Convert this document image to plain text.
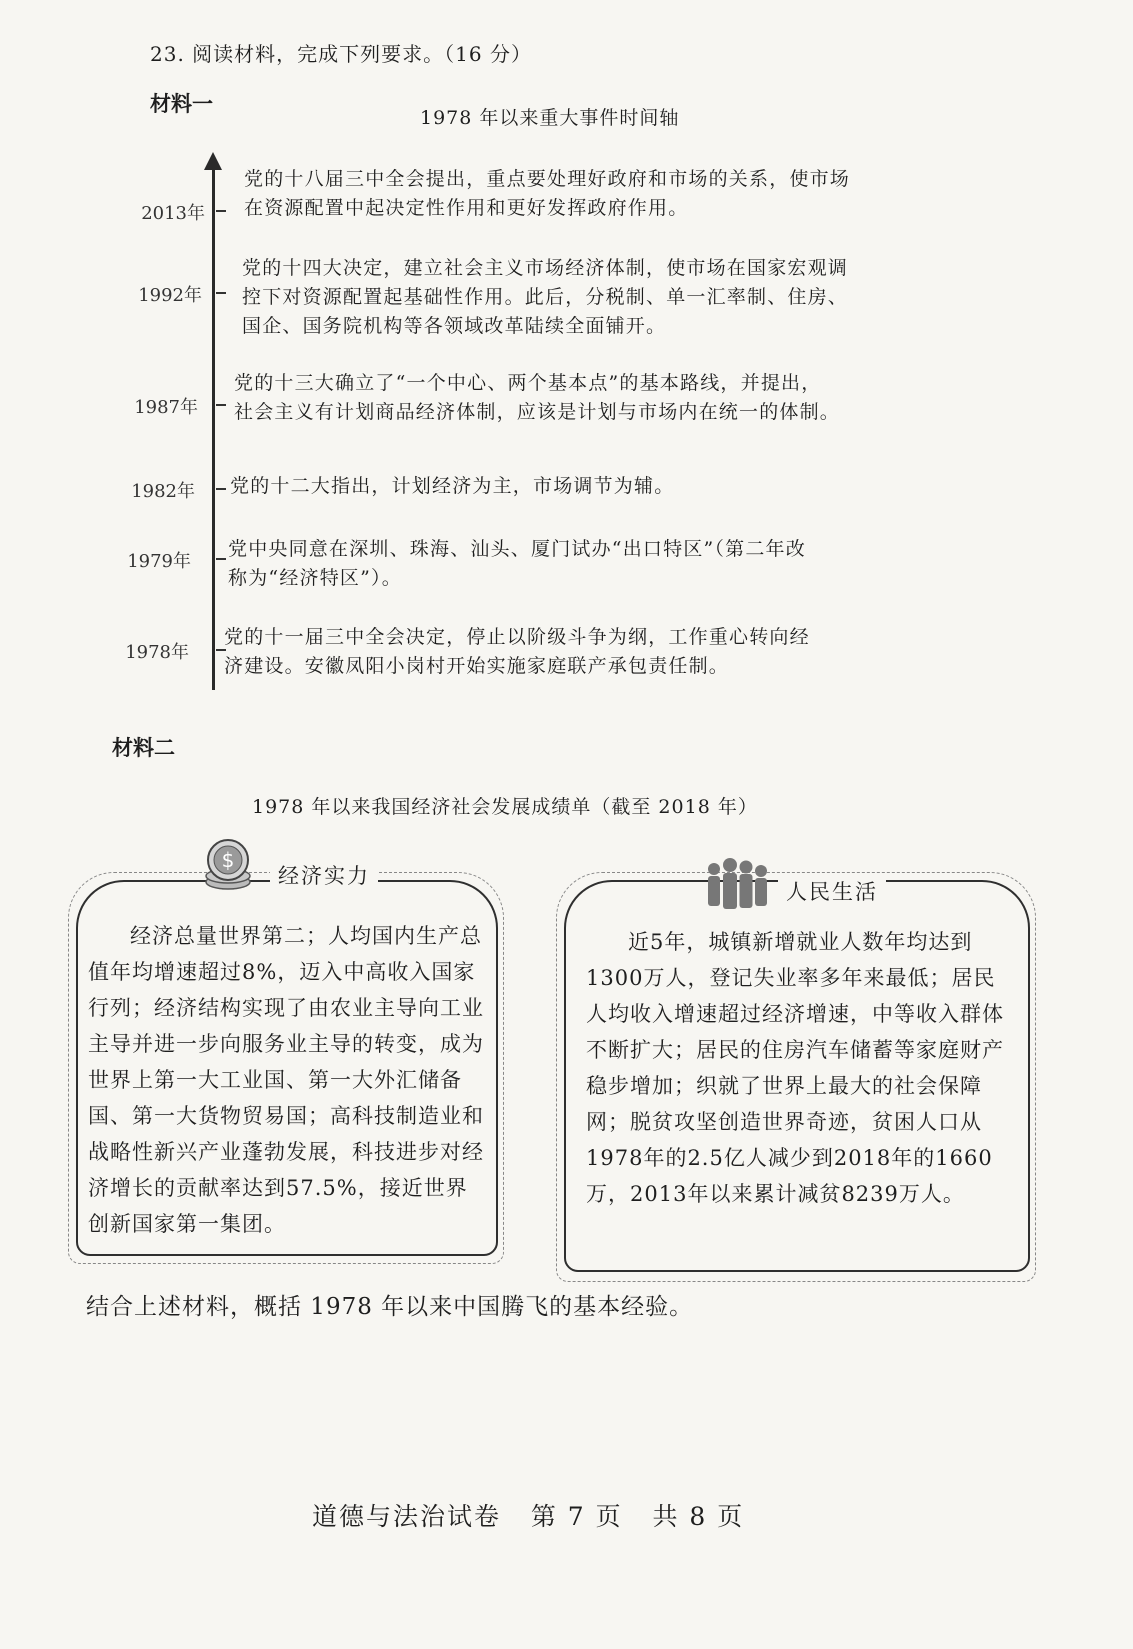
23. 阅读材料，完成下列要求。（16 分）
材料一
1978 年以来重大事件时间轴
2013年
党的十八届三中全会提出，重点要处理好政府和市场的关系，使市场
在资源配置中起决定性作用和更好发挥政府作用。
1992年
党的十四大决定，建立社会主义市场经济体制，使市场在国家宏观调
控下对资源配置起基础性作用。此后，分税制、单一汇率制、住房、
国企、国务院机构等各领域改革陆续全面铺开。
1987年
党的十三大确立了“一个中心、两个基本点”的基本路线，并提出，
社会主义有计划商品经济体制，应该是计划与市场内在统一的体制。
1982年 党的十二大指出，计划经济为主，市场调节为辅。
1979年
党中央同意在深圳、珠海、汕头、厦门试办“出口特区”（第二年改
称为“经济特区”）。
1978年
党的十一届三中全会决定，停止以阶级斗争为纲，工作重心转向经
济建设。安徽凤阳小岗村开始实施家庭联产承包责任制。
材料二
1978 年以来我国经济社会发展成绩单（截至 2018 年）
$
经济实力
经济总量世界第二；人均国内生产总值年均增速超过8%，迈入中高收入国家行列；经济结构实现了由农业主导向工业主导并进一步向服务业主导的转变，成为世界上第一大工业国、第一大外汇储备国、第一大货物贸易国；高科技制造业和战略性新兴产业蓬勃发展，科技进步对经济增长的贡献率达到57.5%，接近世界创新国家第一集团。
人民生活
近5年，城镇新增就业人数年均达到1300万人，登记失业率多年来最低；居民人均收入增速超过经济增速，中等收入群体不断扩大；居民的住房汽车储蓄等家庭财产稳步增加；织就了世界上最大的社会保障网；脱贫攻坚创造世界奇迹，贫困人口从1978年的2.5亿人减少到2018年的1660万，2013年以来累计减贫8239万人。
结合上述材料，概括 1978 年以来中国腾飞的基本经验。
道德与法治试卷   第 7 页   共 8 页
